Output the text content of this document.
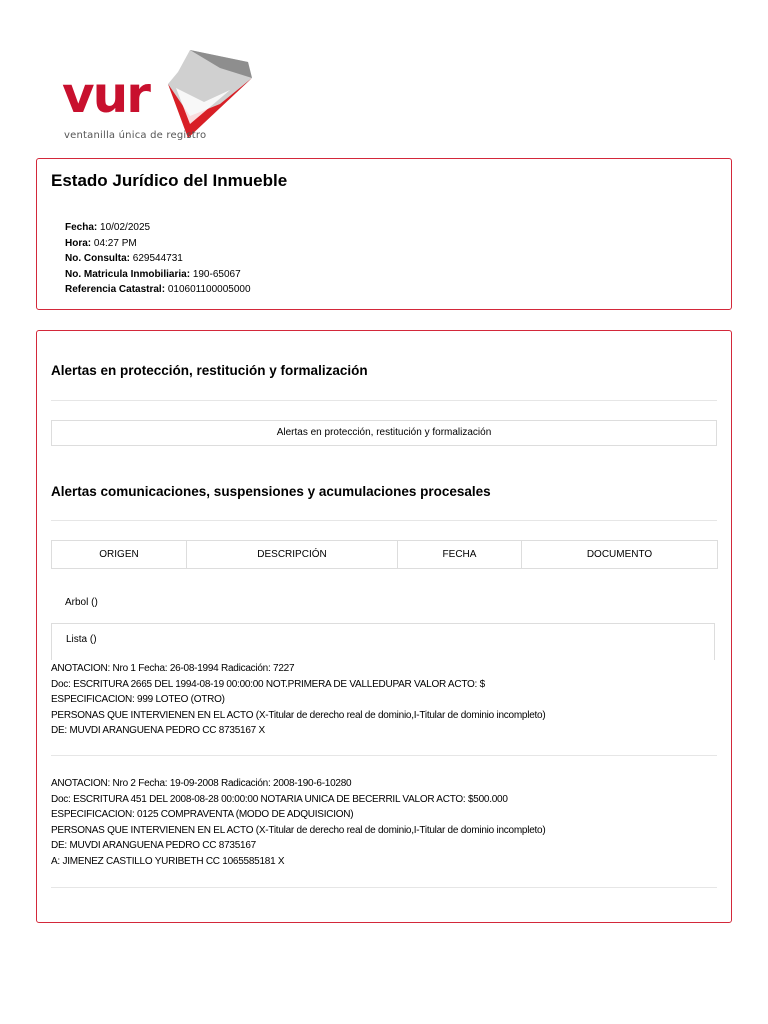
vur
ventanilla única de registro
Estado Jurídico del Inmueble
Fecha: 10/02/2025
Hora: 04:27 PM
No. Consulta: 629544731
No. Matricula Inmobiliaria: 190-65067
Referencia Catastral: 010601100005000
Alertas en protección, restitución y formalización
Alertas en protección, restitución y formalización
Alertas comunicaciones, suspensiones y acumulaciones procesales
ORIGEN	DESCRIPCIÓN	FECHA	DOCUMENTO
Arbol ()
Lista ()
ANOTACION: Nro 1 Fecha: 26-08-1994 Radicación: 7227
Doc: ESCRITURA 2665 DEL 1994-08-19 00:00:00 NOT.PRIMERA DE VALLEDUPAR VALOR ACTO: $
ESPECIFICACION: 999 LOTEO (OTRO)
PERSONAS QUE INTERVIENEN EN EL ACTO (X-Titular de derecho real de dominio,I-Titular de dominio incompleto)
DE: MUVDI ARANGUENA PEDRO CC 8735167 X
ANOTACION: Nro 2 Fecha: 19-09-2008 Radicación: 2008-190-6-10280
Doc: ESCRITURA 451 DEL 2008-08-28 00:00:00 NOTARIA UNICA DE BECERRIL VALOR ACTO: $500.000
ESPECIFICACION: 0125 COMPRAVENTA (MODO DE ADQUISICION)
PERSONAS QUE INTERVIENEN EN EL ACTO (X-Titular de derecho real de dominio,I-Titular de dominio incompleto)
DE: MUVDI ARANGUENA PEDRO CC 8735167
A: JIMENEZ CASTILLO YURIBETH CC 1065585181 X
